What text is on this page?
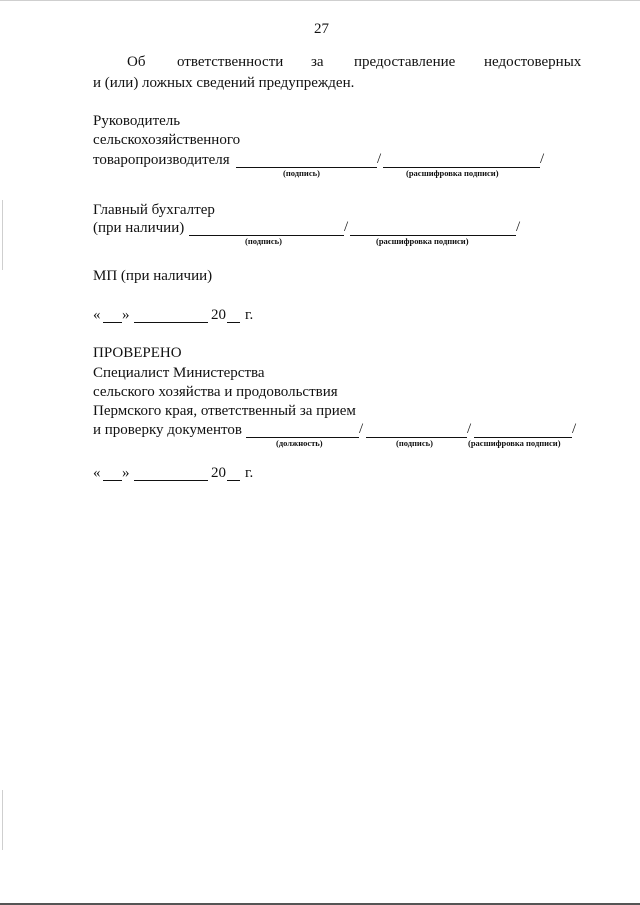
27
Об ответственности за предоставление недостоверных
и (или) ложных сведений предупрежден.
Руководитель
сельскохозяйственного
товаропроизводителя	/	/
(подпись)	(расшифровка подписи)
Главный бухгалтер
(при наличии)	/	/
(подпись)	(расшифровка подписи)
МП (при наличии)
« »	20 г.
ПРОВЕРЕНО
Специалист Министерства
сельского хозяйства и продовольствия
Пермского края, ответственный за прием
и проверку документов	/	/	/
(должность)	(подпись)	(расшифровка подписи)
« »	20 г.
